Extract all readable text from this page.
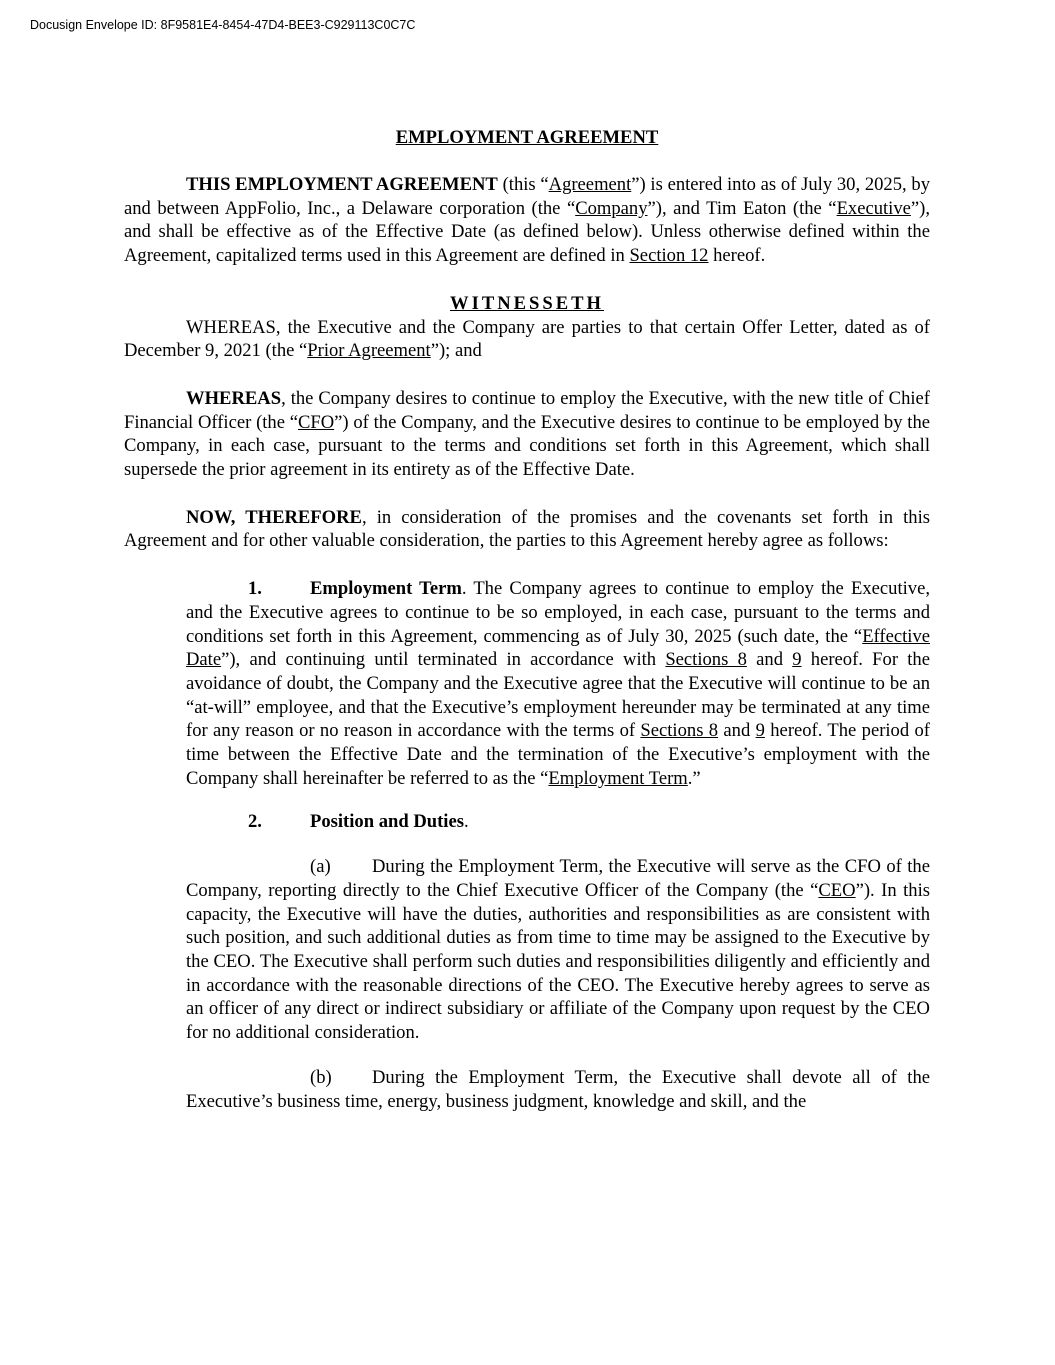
Docusign Envelope ID: 8F9581E4-8454-47D4-BEE3-C929113C0C7C
EMPLOYMENT AGREEMENT

THIS EMPLOYMENT AGREEMENT (this “Agreement”) is entered into as of July 30, 2025, by and between AppFolio, Inc., a Delaware corporation (the “Company”), and Tim Eaton (the “Executive”), and shall be effective as of the Effective Date (as defined below). Unless otherwise defined within the Agreement, capitalized terms used in this Agreement are defined in Section 12 hereof.

WITNESSETH

WHEREAS, the Executive and the Company are parties to that certain Offer Letter, dated as of December 9, 2021 (the “Prior Agreement”); and

WHEREAS, the Company desires to continue to employ the Executive, with the new title of Chief Financial Officer (the “CFO”) of the Company, and the Executive desires to continue to be employed by the Company, in each case, pursuant to the terms and conditions set forth in this Agreement, which shall supersede the prior agreement in its entirety as of the Effective Date.

NOW, THEREFORE, in consideration of the promises and the covenants set forth in this Agreement and for other valuable consideration, the parties to this Agreement hereby agree as follows:

1.	Employment Term. The Company agrees to continue to employ the Executive, and the Executive agrees to continue to be so employed, in each case, pursuant to the terms and conditions set forth in this Agreement, commencing as of July 30, 2025 (such date, the “Effective Date”), and continuing until terminated in accordance with Sections 8 and 9 hereof. For the avoidance of doubt, the Company and the Executive agree that the Executive will continue to be an “at-will” employee, and that the Executive’s employment hereunder may be terminated at any time for any reason or no reason in accordance with the terms of Sections 8 and 9 hereof. The period of time between the Effective Date and the termination of the Executive’s employment with the Company shall hereinafter be referred to as the “Employment Term.”

2.	Position and Duties.

(a) During the Employment Term, the Executive will serve as the CFO of the Company, reporting directly to the Chief Executive Officer of the Company (the “CEO”). In this capacity, the Executive will have the duties, authorities and responsibilities as are consistent with such position, and such additional duties as from time to time may be assigned to the Executive by the CEO. The Executive shall perform such duties and responsibilities diligently and efficiently and in accordance with the reasonable directions of the CEO. The Executive hereby agrees to serve as an officer of any direct or indirect subsidiary or affiliate of the Company upon request by the CEO for no additional consideration.

(b) During the Employment Term, the Executive shall devote all of the Executive’s business time, energy, business judgment, knowledge and skill, and the
